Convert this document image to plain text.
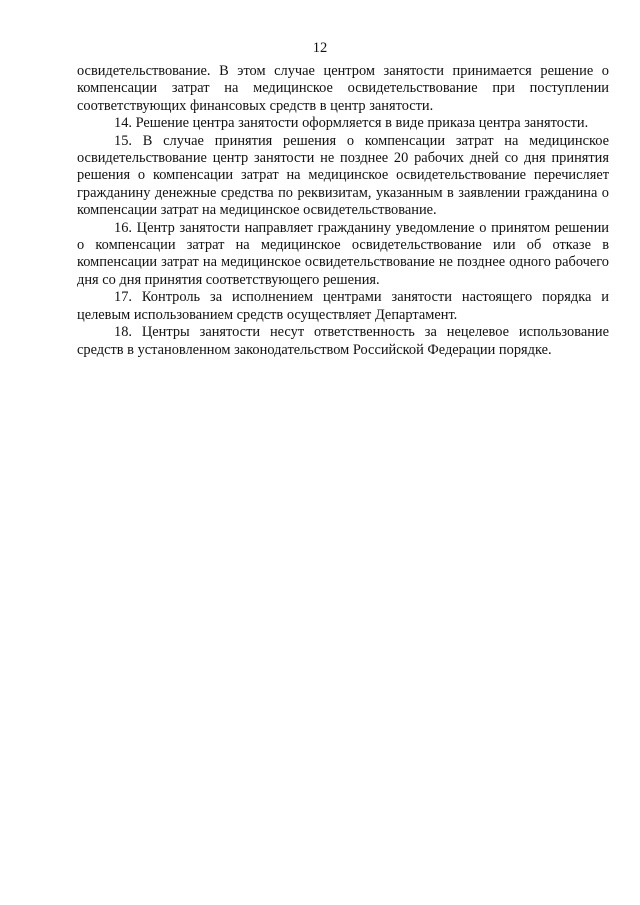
12

освидетельствование. В этом случае центром занятости принимается решение о компенсации затрат на медицинское освидетельствование при поступлении соответствующих финансовых средств в центр занятости.

14. Решение центра занятости оформляется в виде приказа центра занятости.

15. В случае принятия решения о компенсации затрат на медицинское освидетельствование центр занятости не позднее 20 рабочих дней со дня принятия решения о компенсации затрат на медицинское освидетельствование перечисляет гражданину денежные средства по реквизитам, указанным в заявлении гражданина о компенсации затрат на медицинское освидетельствование.

16. Центр занятости направляет гражданину уведомление о принятом решении о компенсации затрат на медицинское освидетельствование или об отказе в компенсации затрат на медицинское освидетельствование не позднее одного рабочего дня со дня принятия соответствующего решения.

17. Контроль за исполнением центрами занятости настоящего порядка и целевым использованием средств осуществляет Департамент.

18. Центры занятости несут ответственность за нецелевое использование средств в установленном законодательством Российской Федерации порядке.
